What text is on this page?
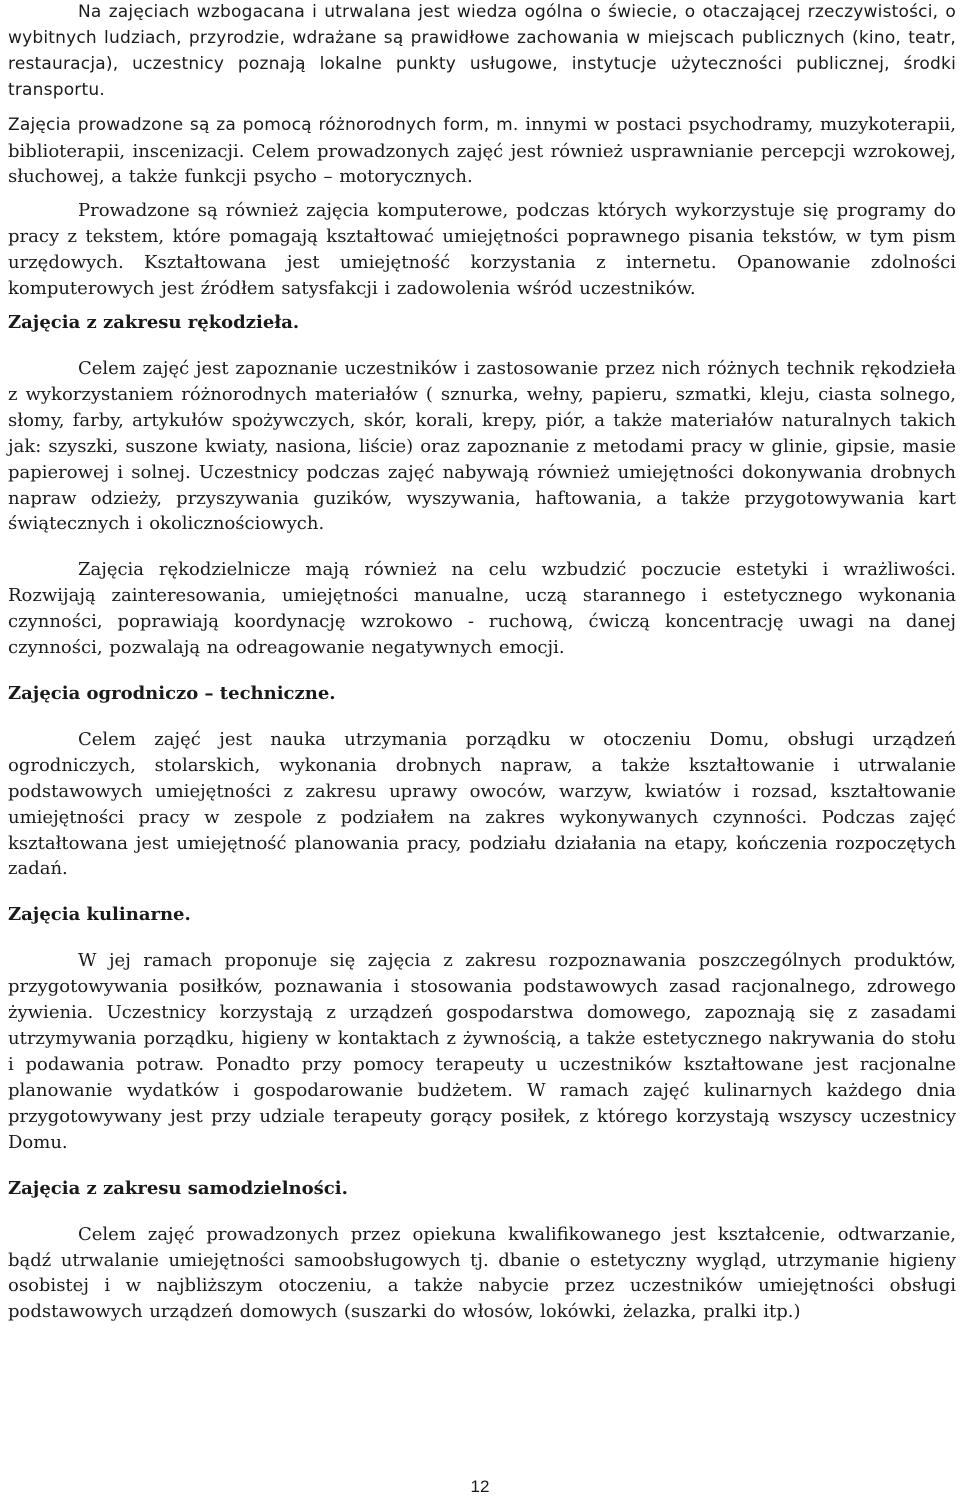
Na zajęciach wzbogacana i utrwalana jest wiedza ogólna o świecie, o otaczającej rzeczywistości, o wybitnych ludziach, przyrodzie, wdrażane są prawidłowe zachowania w miejscach publicznych (kino, teatr, restauracja), uczestnicy poznają lokalne punkty usługowe, instytucje użyteczności publicznej, środki transportu.

Zajęcia prowadzone są za pomocą różnorodnych form, m. innymi w postaci psychodramy, muzykoterapii, biblioterapii, inscenizacji. Celem prowadzonych zajęć jest również usprawnianie percepcji wzrokowej, słuchowej, a także funkcji psycho – motorycznych.

Prowadzone są również zajęcia komputerowe, podczas których wykorzystuje się programy do pracy z tekstem, które pomagają kształtować umiejętności poprawnego pisania tekstów, w tym pism urzędowych. Kształtowana jest umiejętność korzystania z internetu. Opanowanie zdolności komputerowych jest źródłem satysfakcji i zadowolenia wśród uczestników.

Zajęcia z zakresu rękodzieła.

Celem zajęć jest zapoznanie uczestników i zastosowanie przez nich różnych technik rękodzieła z wykorzystaniem różnorodnych materiałów ( sznurka, wełny, papieru, szmatki, kleju, ciasta solnego, słomy, farby, artykułów spożywczych, skór, korali, krepy, piór, a także materiałów naturalnych takich jak: szyszki, suszone kwiaty, nasiona, liście) oraz zapoznanie z metodami pracy w glinie, gipsie, masie papierowej i solnej. Uczestnicy podczas zajęć nabywają również umiejętności dokonywania drobnych napraw odzieży, przyszywania guzików, wyszywania, haftowania, a także przygotowywania kart świątecznych i okolicznościowych.

Zajęcia rękodzielnicze mają również na celu wzbudzić poczucie estetyki i wrażliwości. Rozwijają zainteresowania, umiejętności manualne, uczą starannego i estetycznego wykonania czynności, poprawiają koordynację wzrokowo - ruchową, ćwiczą koncentrację uwagi na danej czynności, pozwalają na odreagowanie negatywnych emocji.

Zajęcia ogrodniczo – techniczne.

Celem zajęć jest nauka utrzymania porządku w otoczeniu Domu, obsługi urządzeń ogrodniczych, stolarskich, wykonania drobnych napraw, a także kształtowanie i utrwalanie podstawowych umiejętności z zakresu uprawy owoców, warzyw, kwiatów i rozsad, kształtowanie umiejętności pracy w zespole z podziałem na zakres wykonywanych czynności. Podczas zajęć kształtowana jest umiejętność planowania pracy, podziału działania na etapy, kończenia rozpoczętych zadań.

Zajęcia kulinarne.

W jej ramach proponuje się zajęcia z zakresu rozpoznawania poszczególnych produktów, przygotowywania posiłków, poznawania i stosowania podstawowych zasad racjonalnego, zdrowego żywienia. Uczestnicy korzystają z urządzeń gospodarstwa domowego, zapoznają się z zasadami utrzymywania porządku, higieny w kontaktach z żywnością, a także estetycznego nakrywania do stołu i podawania potraw. Ponadto przy pomocy terapeuty u uczestników kształtowane jest racjonalne planowanie wydatków i gospodarowanie budżetem. W ramach zajęć kulinarnych każdego dnia przygotowywany jest przy udziale terapeuty gorący posiłek, z którego korzystają wszyscy uczestnicy Domu.

Zajęcia z zakresu samodzielności.

Celem zajęć prowadzonych przez opiekuna kwalifikowanego jest kształcenie, odtwarzanie, bądź utrwalanie umiejętności samoobsługowych tj. dbanie o estetyczny wygląd, utrzymanie higieny osobistej i w najbliższym otoczeniu, a także nabycie przez uczestników umiejętności obsługi podstawowych urządzeń domowych (suszarki do włosów, lokówki, żelazka, pralki itp.)

12
